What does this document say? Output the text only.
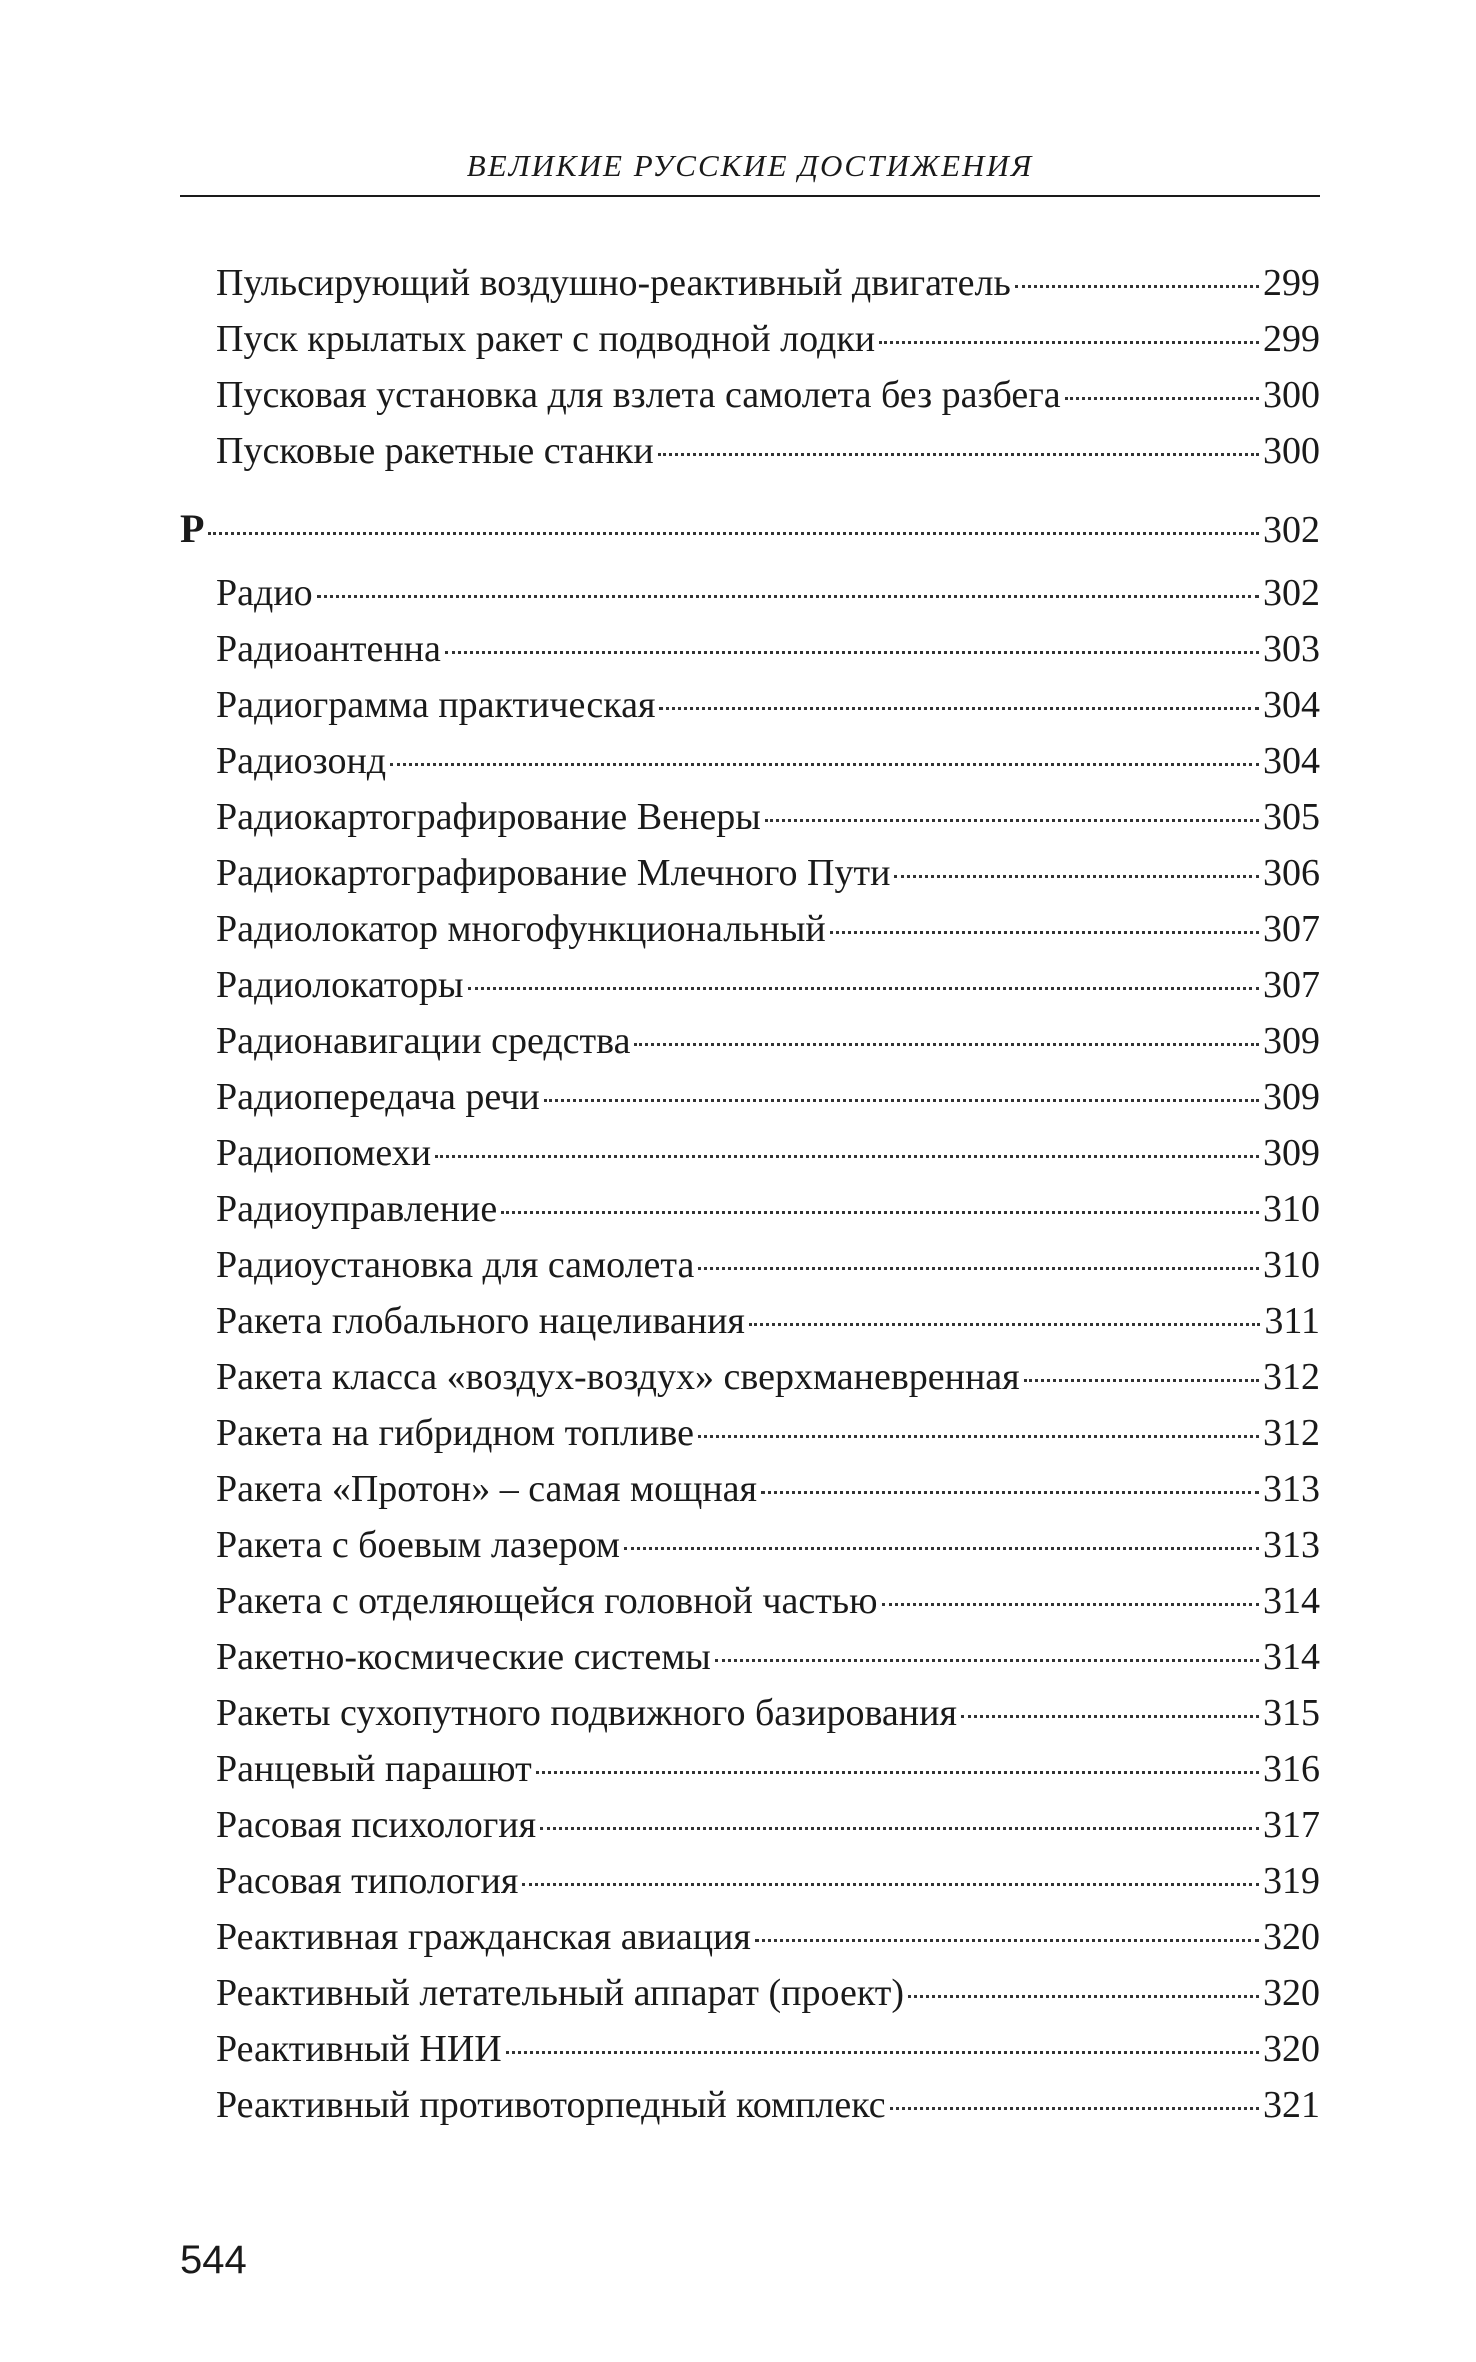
ВЕЛИКИЕ РУССКИЕ ДОСТИЖЕНИЯ
Пульсирующий воздушно-реактивный двигатель	299
Пуск крылатых ракет с подводной лодки	299
Пусковая установка для взлета самолета без разбега	300
Пусковые ракетные станки	300
Р	302
Радио	302
Радиоантенна	303
Радиограмма практическая	304
Радиозонд	304
Радиокартографирование Венеры	305
Радиокартографирование Млечного Пути	306
Радиолокатор многофункциональный	307
Радиолокаторы	307
Радионавигации средства	309
Радиопередача речи	309
Радиопомехи	309
Радиоуправление	310
Радиоустановка для самолета	310
Ракета глобального нацеливания	311
Ракета класса «воздух-воздух» сверхманевренная	312
Ракета на гибридном топливе	312
Ракета «Протон» – самая мощная	313
Ракета с боевым лазером	313
Ракета с отделяющейся головной частью	314
Ракетно-космические системы	314
Ракеты сухопутного подвижного базирования	315
Ранцевый парашют	316
Расовая психология	317
Расовая типология	319
Реактивная гражданская авиация	320
Реактивный летательный аппарат (проект)	320
Реактивный НИИ	320
Реактивный противоторпедный комплекс	321
544
